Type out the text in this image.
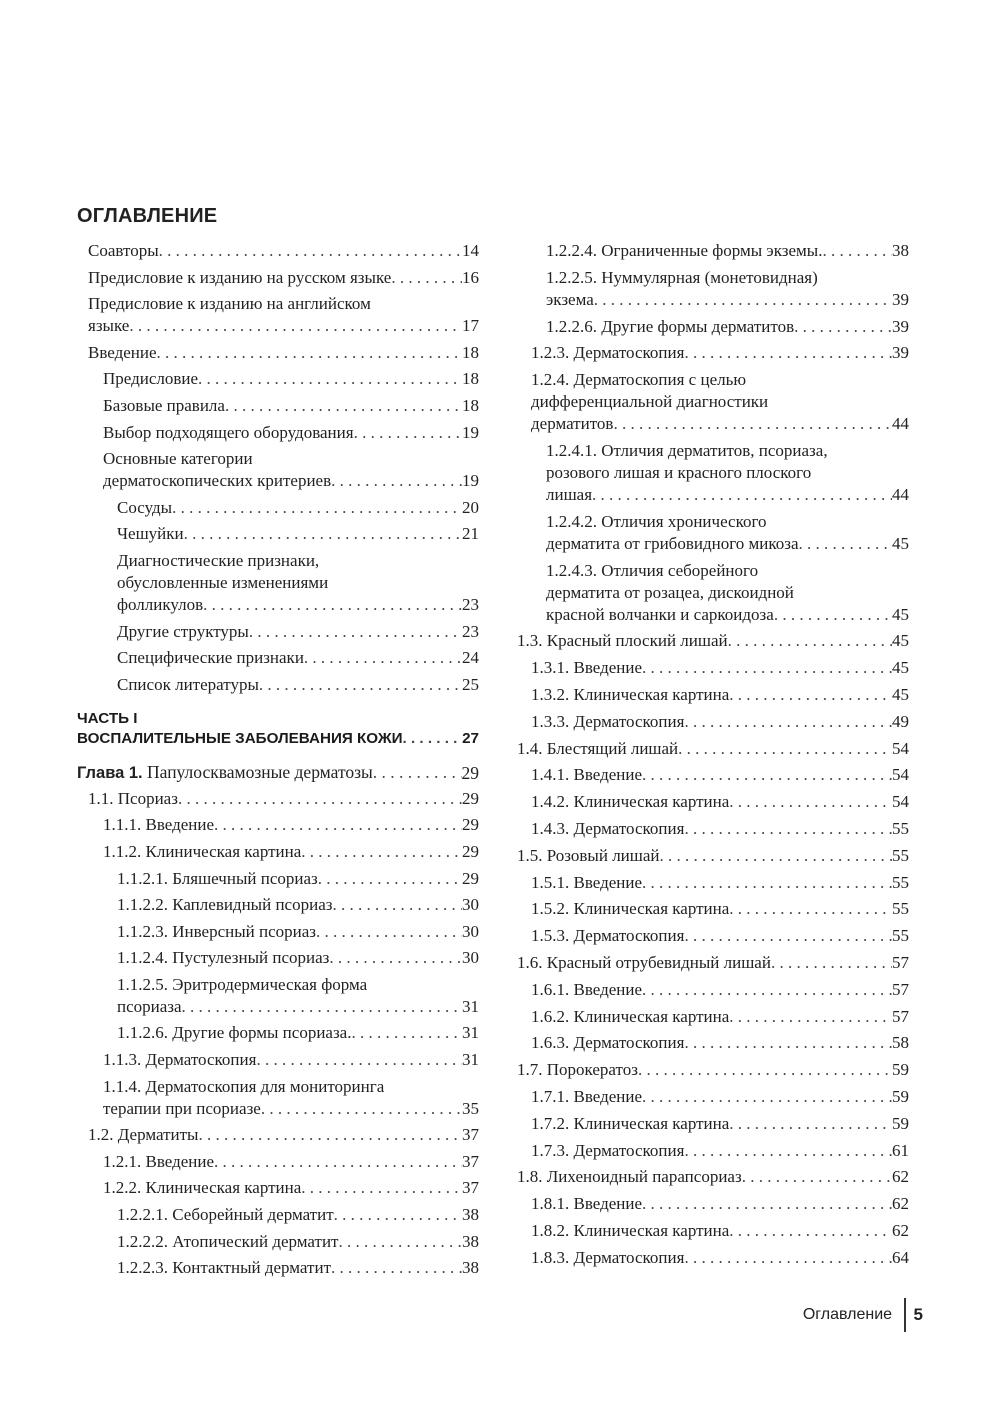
ОГЛАВЛЕНИЕ
Соавторы . . .	14
Предисловие к изданию на русском языке . . .	16
Предисловие к изданию на английском
языке . . .	17
Введение . . .	18
Предисловие . . .	18
Базовые правила . . .	18
Выбор подходящего оборудования . . .	19
Основные категории
дерматоскопических критериев . . .	19
Сосуды . . .	20
Чешуйки . . .	21
Диагностические признаки,
обусловленные изменениями
фолликулов . . .	23
Другие структуры . . .	23
Специфические признаки . . .	24
Список литературы . . .	25
ЧАСТЬ I
ВОСПАЛИТЕЛЬНЫЕ ЗАБОЛЕВАНИЯ КОЖИ . . .	27
Глава 1. Папулосквамозные дерматозы . . .	29
1.1. Псориаз . . .	29
1.1.1. Введение . . .	29
1.1.2. Клиническая картина . . .	29
1.1.2.1. Бляшечный псориаз . . .	29
1.1.2.2. Каплевидный псориаз . . .	30
1.1.2.3. Инверсный псориаз . . .	30
1.1.2.4. Пустулезный псориаз . . .	30
1.1.2.5. Эритродермическая форма
псориаза . . .	31
1.1.2.6. Другие формы псориаза. . . .	31
1.1.3. Дерматоскопия . . .	31
1.1.4. Дерматоскопия для мониторинга
терапии при псориазе . . .	35
1.2. Дерматиты . . .	37
1.2.1. Введение . . .	37
1.2.2. Клиническая картина . . .	37
1.2.2.1. Себорейный дерматит . . .	38
1.2.2.2. Атопический дерматит . . .	38
1.2.2.3. Контактный дерматит . . .	38
1.2.2.4. Ограниченные формы экземы. . . .	38
1.2.2.5. Нуммулярная (монетовидная)
экзема . . .	39
1.2.2.6. Другие формы дерматитов . . .	39
1.2.3. Дерматоскопия . . .	39
1.2.4. Дерматоскопия с целью
дифференциальной диагностики
дерматитов . . .	44
1.2.4.1. Отличия дерматитов, псориаза,
розового лишая и красного плоского
лишая . . .	44
1.2.4.2. Отличия хронического
дерматита от грибовидного микоза . . .	45
1.2.4.3. Отличия себорейного
дерматита от розацеа, дискоидной
красной волчанки и саркоидоза . . .	45
1.3. Красный плоский лишай . . .	45
1.3.1. Введение . . .	45
1.3.2. Клиническая картина . . .	45
1.3.3. Дерматоскопия . . .	49
1.4. Блестящий лишай . . .	54
1.4.1. Введение . . .	54
1.4.2. Клиническая картина . . .	54
1.4.3. Дерматоскопия . . .	55
1.5. Розовый лишай . . .	55
1.5.1. Введение . . .	55
1.5.2. Клиническая картина . . .	55
1.5.3. Дерматоскопия . . .	55
1.6. Красный отрубевидный лишай . . .	57
1.6.1. Введение . . .	57
1.6.2. Клиническая картина . . .	57
1.6.3. Дерматоскопия . . .	58
1.7. Порокератоз . . .	59
1.7.1. Введение . . .	59
1.7.2. Клиническая картина . . .	59
1.7.3. Дерматоскопия . . .	61
1.8. Лихеноидный парапсориаз . . .	62
1.8.1. Введение . . .	62
1.8.2. Клиническая картина . . .	62
1.8.3. Дерматоскопия . . .	64
Оглавление 5
